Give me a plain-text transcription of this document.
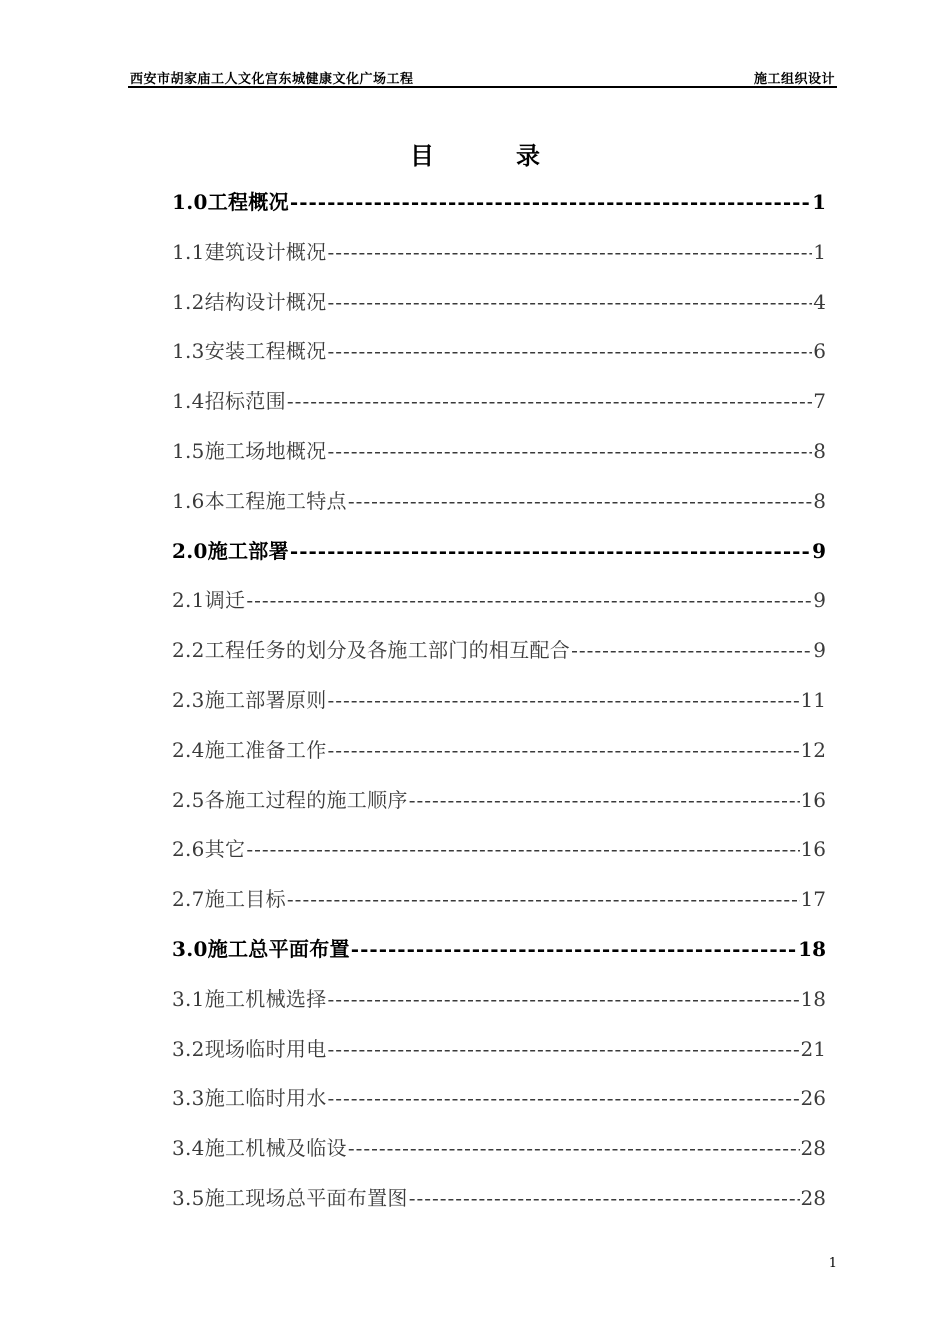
西安市胡家庙工人文化宫东城健康文化广场工程	施工组织设计
目	录
1.0工程概况 -----	1
1.1建筑设计概况 -----	1
1.2结构设计概况 -----	4
1.3安装工程概况 -----	6
1.4招标范围 -----	7
1.5施工场地概况 -----	8
1.6本工程施工特点 -----	8
2.0施工部署 -----	9
2.1调迁 -----	9
2.2工程任务的划分及各施工部门的相互配合 -----	9
2.3施工部署原则 -----	11
2.4施工准备工作 -----	12
2.5各施工过程的施工顺序 -----	16
2.6其它 -----	16
2.7施工目标 -----	17
3.0施工总平面布置 -----	18
3.1施工机械选择 -----	18
3.2现场临时用电 -----	21
3.3施工临时用水 -----	26
3.4施工机械及临设 -----	28
3.5施工现场总平面布置图 -----	28
1
